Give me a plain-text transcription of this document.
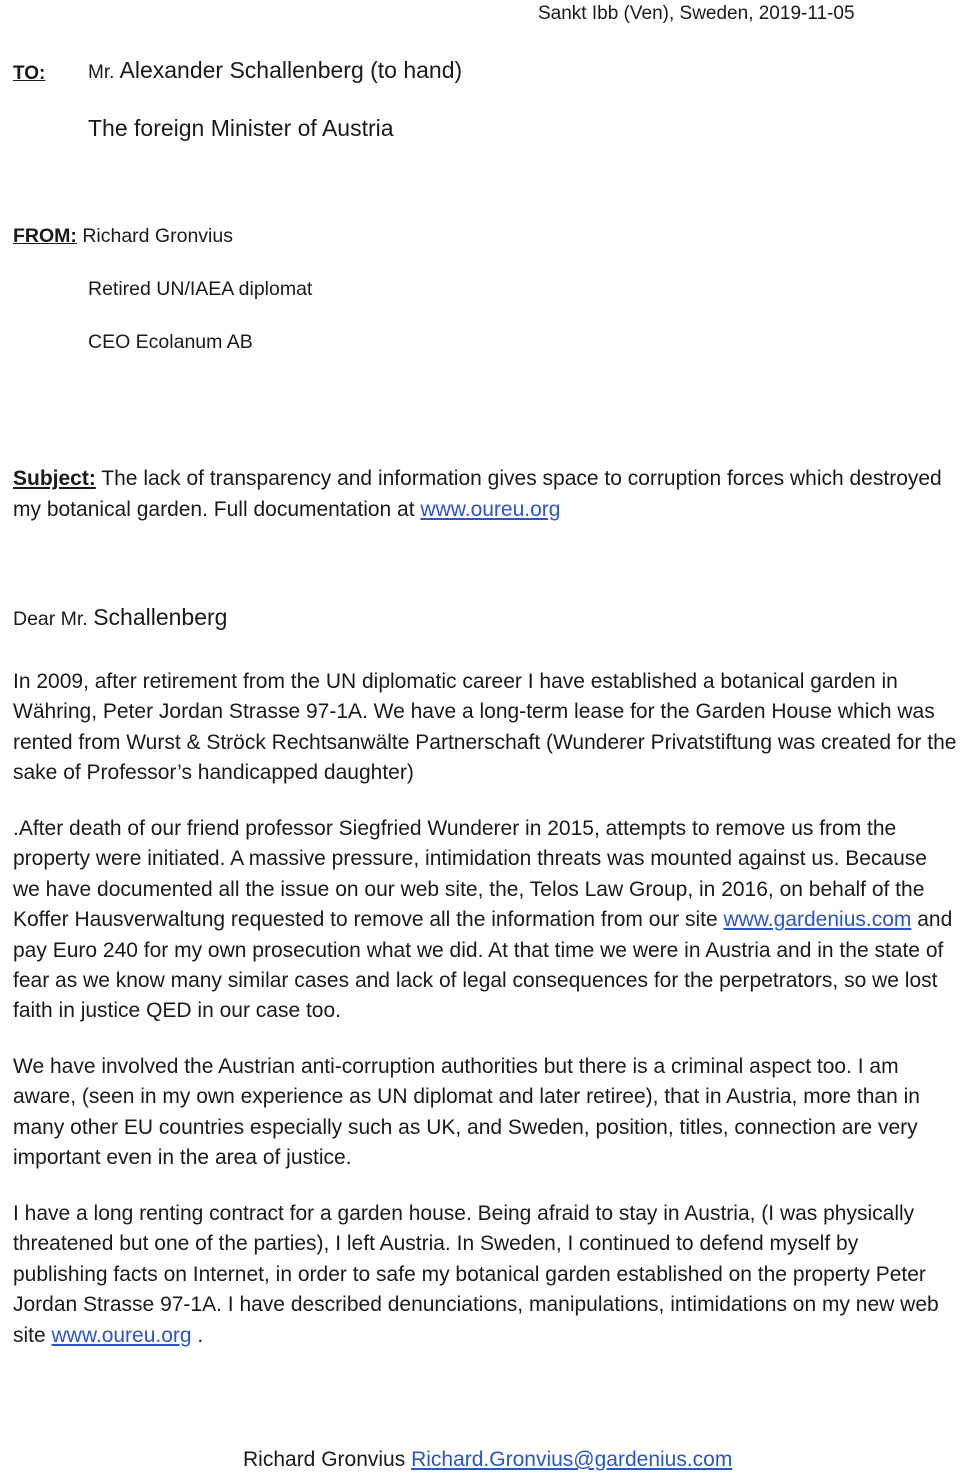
Sankt Ibb (Ven), Sweden, 2019-11-05
TO: Mr. Alexander Schallenberg (to hand)
The foreign Minister of Austria
FROM: Richard Gronvius
Retired UN/IAEA diplomat
CEO Ecolanum AB
Subject: The lack of transparency and information gives space to corruption forces which destroyed my botanical garden. Full documentation at www.oureu.org
Dear Mr. Schallenberg
In 2009, after retirement from the UN diplomatic career I have established a botanical garden in Währing, Peter Jordan Strasse 97-1A. We have a long-term lease for the Garden House which was rented from Wurst & Ströck Rechtsanwälte Partnerschaft (Wunderer Privatstiftung was created for the sake of Professor’s handicapped daughter)
.After death of our friend professor Siegfried Wunderer in 2015, attempts to remove us from the property were initiated. A massive pressure, intimidation threats was mounted against us. Because we have documented all the issue on our web site, the, Telos Law Group, in 2016, on behalf of the Koffer Hausverwaltung requested to remove all the information from our site www.gardenius.com and pay Euro 240 for my own prosecution what we did. At that time we were in Austria and in the state of fear as we know many similar cases and lack of legal consequences for the perpetrators, so we lost faith in justice QED in our case too.
We have involved the Austrian anti-corruption authorities but there is a criminal aspect too. I am aware, (seen in my own experience as UN diplomat and later retiree), that in Austria, more than in many other EU countries especially such as UK, and Sweden, position, titles, connection are very important even in the area of justice.
I have a long renting contract for a garden house. Being afraid to stay in Austria, (I was physically threatened but one of the parties), I left Austria. In Sweden, I continued to defend myself by publishing facts on Internet, in order to safe my botanical garden established on the property Peter Jordan Strasse 97-1A. I have described denunciations, manipulations, intimidations on my new web site www.oureu.org .
Richard Gronvius Richard.Gronvius@gardenius.com
